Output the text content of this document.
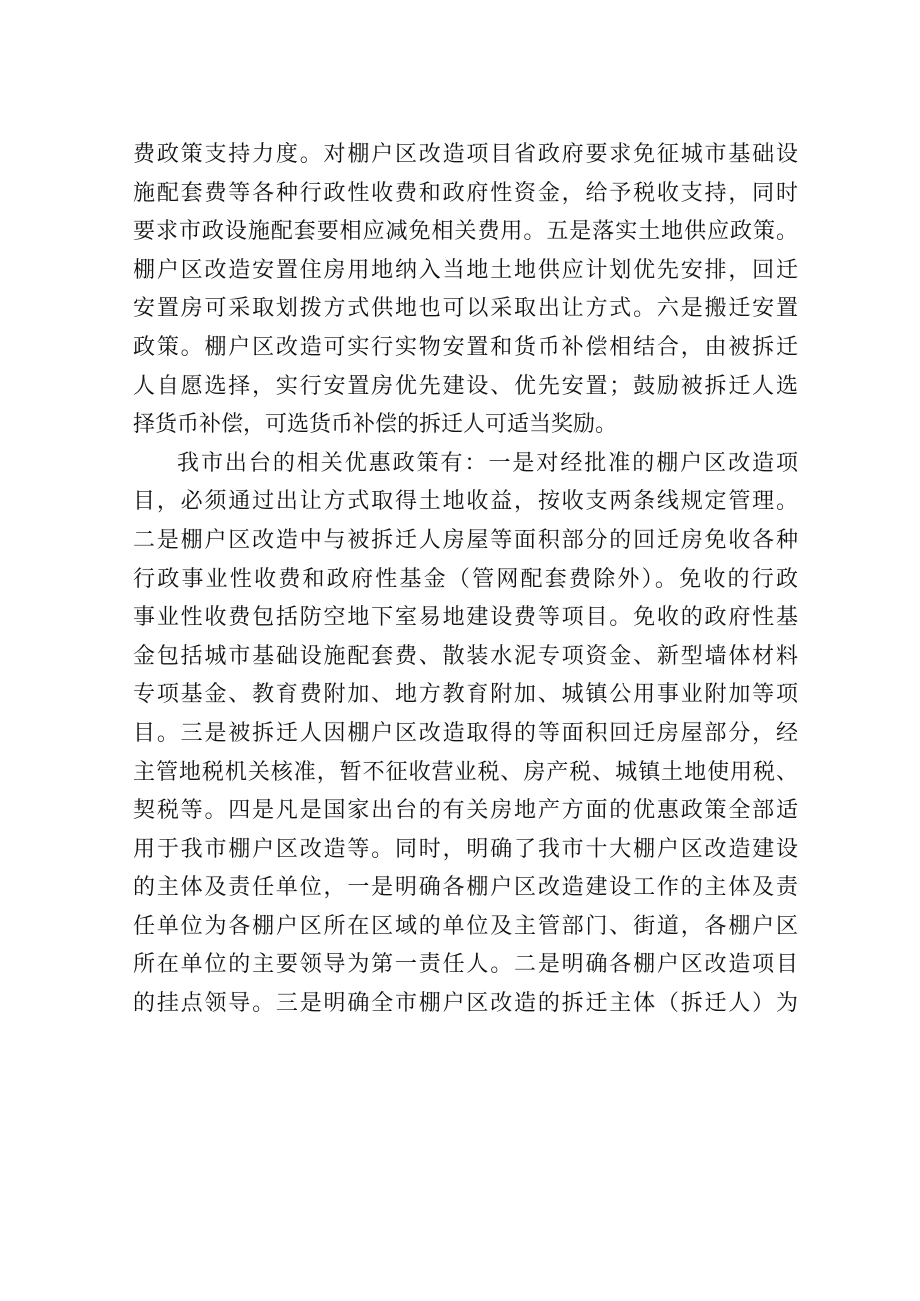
费政策支持力度。对棚户区改造项目省政府要求免征城市基础设
施配套费等各种行政性收费和政府性资金，给予税收支持，同时
要求市政设施配套要相应减免相关费用。五是落实土地供应政策。
棚户区改造安置住房用地纳入当地土地供应计划优先安排，回迁
安置房可采取划拨方式供地也可以采取出让方式。六是搬迁安置
政策。棚户区改造可实行实物安置和货币补偿相结合，由被拆迁
人自愿选择，实行安置房优先建设、优先安置；鼓励被拆迁人选
择货币补偿，可选货币补偿的拆迁人可适当奖励。
我市出台的相关优惠政策有：一是对经批准的棚户区改造项
目，必须通过出让方式取得土地收益，按收支两条线规定管理。
二是棚户区改造中与被拆迁人房屋等面积部分的回迁房免收各种
行政事业性收费和政府性基金（管网配套费除外）。免收的行政
事业性收费包括防空地下室易地建设费等项目。免收的政府性基
金包括城市基础设施配套费、散装水泥专项资金、新型墙体材料
专项基金、教育费附加、地方教育附加、城镇公用事业附加等项
目。三是被拆迁人因棚户区改造取得的等面积回迁房屋部分，经
主管地税机关核准，暂不征收营业税、房产税、城镇土地使用税、
契税等。四是凡是国家出台的有关房地产方面的优惠政策全部适
用于我市棚户区改造等。同时，明确了我市十大棚户区改造建设
的主体及责任单位，一是明确各棚户区改造建设工作的主体及责
任单位为各棚户区所在区域的单位及主管部门、街道，各棚户区
所在单位的主要领导为第一责任人。二是明确各棚户区改造项目
的挂点领导。三是明确全市棚户区改造的拆迁主体（拆迁人）为
